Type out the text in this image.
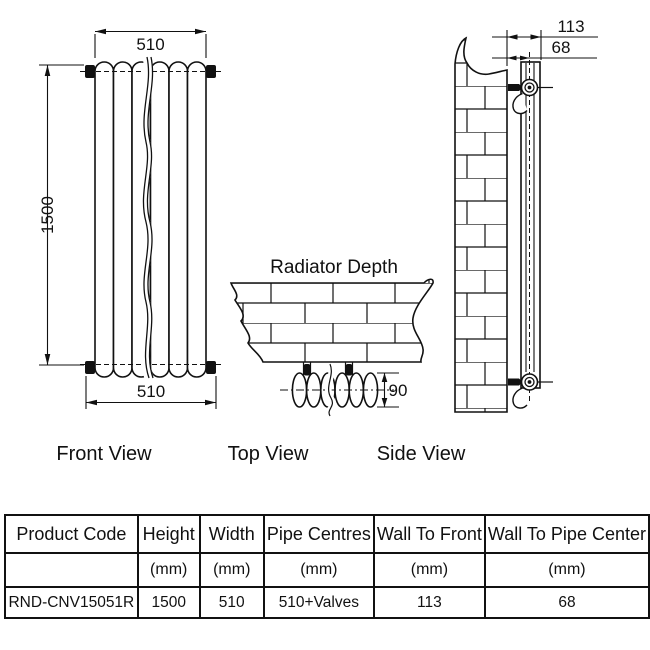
510
510
1500
Front View
Radiator Depth
90
Top View
113
68
Side View
Product Code	Height	Width	Pipe Centres	Wall To Front	Wall To Pipe Center
	(mm)	(mm)	(mm)	(mm)	(mm)
RND-CNV15051R	1500	510	510+Valves	113	68
